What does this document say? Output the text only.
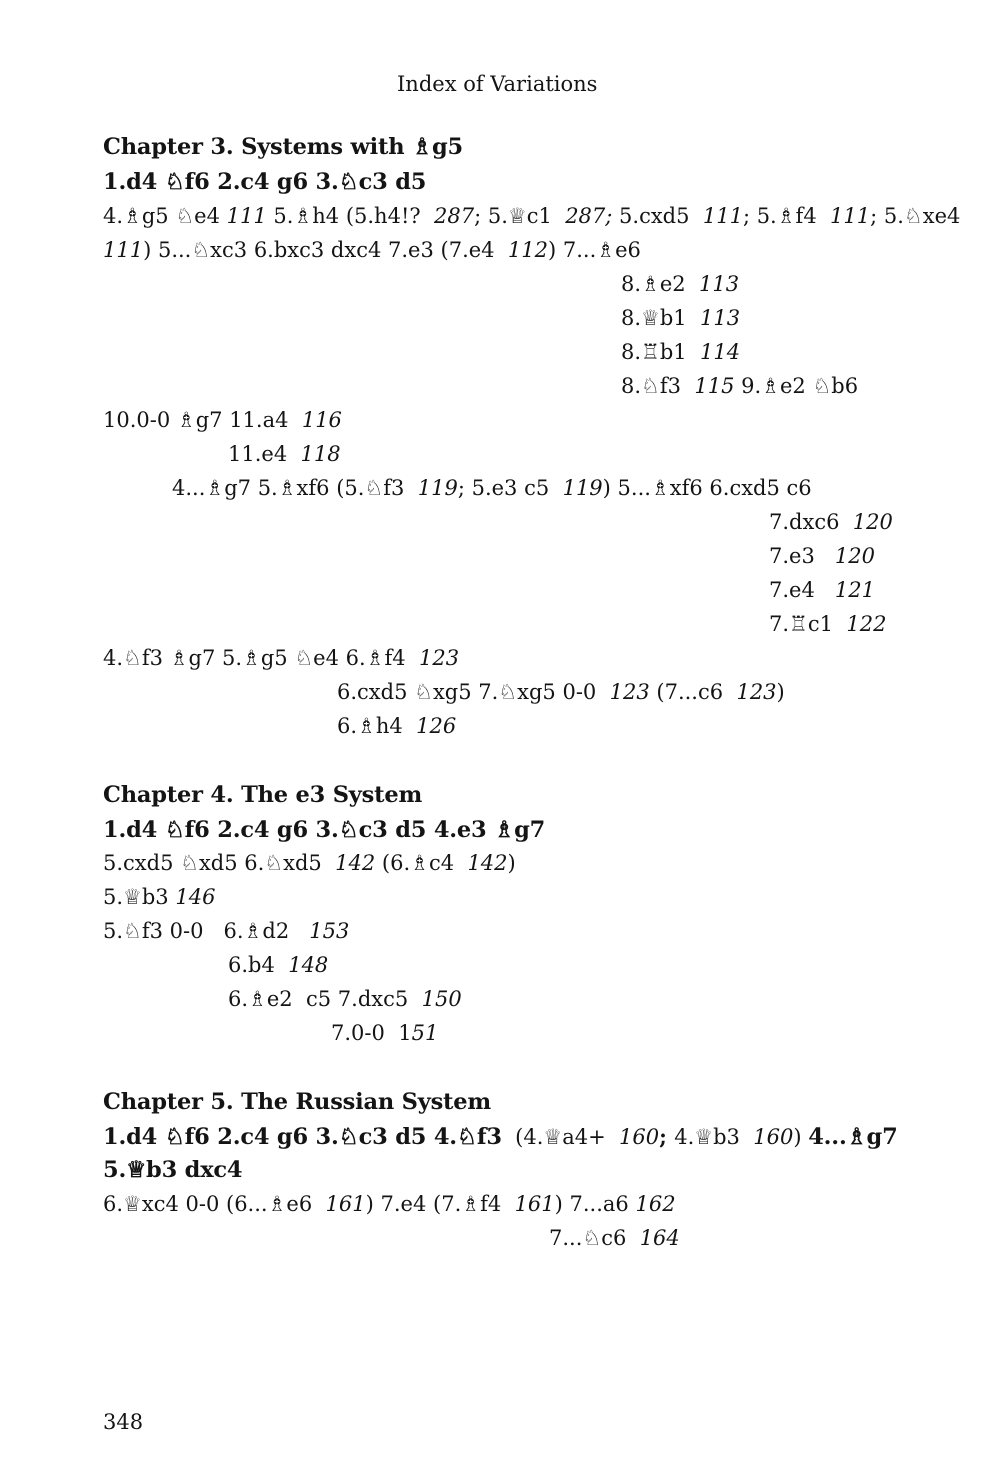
Index of Variations
Chapter 3. Systems with ♗g5
1.d4 ♘f6 2.c4 g6 3.♘c3 d5
4.♗g5 ♘e4 111 5.♗h4 (5.h4!?  287; 5.♕c1  287; 5.cxd5  111; 5.♗f4  111; 5.♘xe4
111) 5...♘xc3 6.bxc3 dxc4 7.e3 (7.e4  112) 7...♗e6
8.♗e2  113
8.♕b1  113
8.♖b1  114
8.♘f3  115 9.♗e2 ♘b6
10.0-0 ♗g7 11.a4  116
11.e4  118
4...♗g7 5.♗xf6 (5.♘f3  119; 5.e3 c5  119) 5...♗xf6 6.cxd5 c6
7.dxc6  120
7.e3   120
7.e4   121
7.♖c1  122
4.♘f3 ♗g7 5.♗g5 ♘e4 6.♗f4  123
6.cxd5 ♘xg5 7.♘xg5 0-0  123 (7...c6  123)
6.♗h4  126
Chapter 4. The e3 System
1.d4 ♘f6 2.c4 g6 3.♘c3 d5 4.e3 ♗g7
5.cxd5 ♘xd5 6.♘xd5  142 (6.♗c4  142)
5.♕b3 146
5.♘f3 0-0   6.♗d2   153
6.b4  148
6.♗e2  c5 7.dxc5  150
7.0-0  151
Chapter 5. The Russian System
1.d4 ♘f6 2.c4 g6 3.♘c3 d5 4.♘f3  (4.♕a4+  160; 4.♕b3  160) 4...♗g7
5.♕b3 dxc4
6.♕xc4 0-0 (6...♗e6  161) 7.e4 (7.♗f4  161) 7...a6 162
7...♘c6  164
348
